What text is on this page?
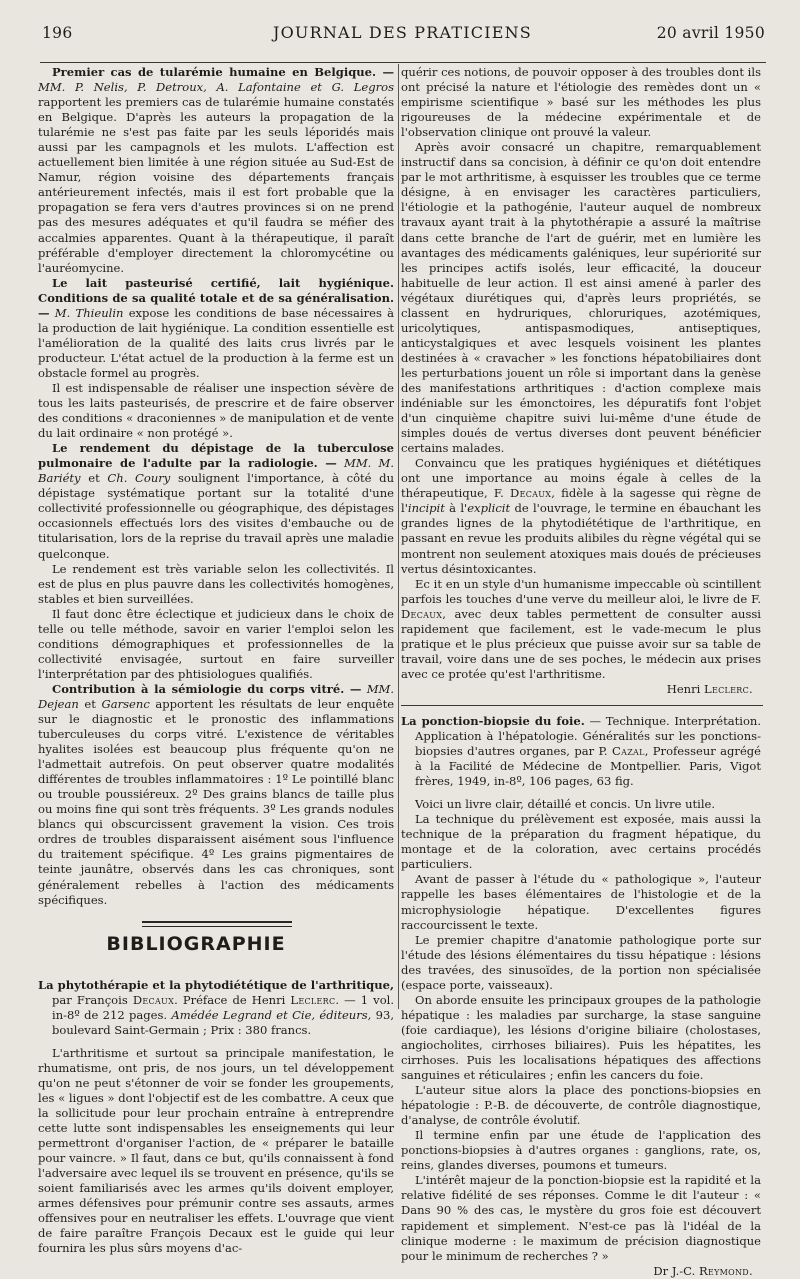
196	JOURNAL DES PRATICIENS	20 avril 1950

Premier cas de tularémie humaine en Belgique. — MM. P. Nelis, P. Detroux, A. Lafontaine et G. Legros rapportent les premiers cas de tularémie humaine constatés en Belgique. D'après les auteurs la propagation de la tularémie ne s'est pas faite par les seuls léporidés mais aussi par les campagnols et les mulots. L'affection est actuellement bien limitée à une région située au Sud-Est de Namur, région voisine des départements français antérieurement infectés, mais il est fort probable que la propagation se fera vers d'autres provinces si on ne prend pas des mesures adéquates et qu'il faudra se méfier des accalmies apparentes. Quant à la thérapeutique, il paraît préférable d'employer directement la chloromycétine ou l'auréomycine.

Le lait pasteurisé certifié, lait hygiénique. Conditions de sa qualité totale et de sa généralisation. — M. Thieulin expose les conditions de base nécessaires à la production de lait hygiénique. La condition essentielle est l'amélioration de la qualité des laits crus livrés par le producteur. L'état actuel de la production à la ferme est un obstacle formel au progrès.

Il est indispensable de réaliser une inspection sévère de tous les laits pasteurisés, de prescrire et de faire observer des conditions « draconiennes » de manipulation et de vente du lait ordinaire « non protégé ».

Le rendement du dépistage de la tuberculose pulmonaire de l'adulte par la radiologie. — MM. M. Bariéty et Ch. Coury soulignent l'importance, à côté du dépistage systématique portant sur la totalité d'une collectivité professionnelle ou géographique, des dépistages occasionnels effectués lors des visites d'embauche ou de titularisation, lors de la reprise du travail après une maladie quelconque.

Le rendement est très variable selon les collectivités. Il est de plus en plus pauvre dans les collectivités homogènes, stables et bien surveillées.

Il faut donc être éclectique et judicieux dans le choix de telle ou telle méthode, savoir en varier l'emploi selon les conditions démographiques et professionnelles de la collectivité envisagée, surtout en faire surveiller l'interprétation par des phtisiologues qualifiés.

Contribution à la sémiologie du corps vitré. — MM. Dejean et Garsenc apportent les résultats de leur enquête sur le diagnostic et le pronostic des inflammations tuberculeuses du corps vitré. L'existence de véritables hyalites isolées est beaucoup plus fréquente qu'on ne l'admettait autrefois. On peut observer quatre modalités différentes de troubles inflammatoires : 1º Le pointillé blanc ou trouble poussiéreux. 2º Des grains blancs de taille plus ou moins fine qui sont très fréquents. 3º Les grands nodules blancs qui obscurcissent gravement la vision. Ces trois ordres de troubles disparaissent aisément sous l'influence du traitement spécifique. 4º Les grains pigmentaires de teinte jaunâtre, observés dans les cas chroniques, sont généralement rebelles à l'action des médicaments spécifiques.

BIBLIOGRAPHIE

La phytothérapie et la phytodiététique de l'arthritique, par François Decaux. Préface de Henri Leclerc. — 1 vol. in-8º de 212 pages. Amédée Legrand et Cie, éditeurs, 93, boulevard Saint-Germain ; Prix : 380 francs.

L'arthritisme et surtout sa principale manifestation, le rhumatisme, ont pris, de nos jours, un tel développement qu'on ne peut s'étonner de voir se fonder les groupements, les « ligues » dont l'objectif est de les combattre. A ceux que la sollicitude pour leur prochain entraîne à entreprendre cette lutte sont indispensables les enseignements qui leur permettront d'organiser l'action, de « préparer le bataille pour vaincre. » Il faut, dans ce but, qu'ils connaissent à fond l'adversaire avec lequel ils se trouvent en présence, qu'ils se soient familiarisés avec les armes qu'ils doivent employer, armes défensives pour prémunir contre ses assauts, armes offensives pour en neutraliser les effets. L'ouvrage que vient de faire paraître François Decaux est le guide qui leur fournira les plus sûrs moyens d'ac-

quérir ces notions, de pouvoir opposer à des troubles dont ils ont précisé la nature et l'étiologie des remèdes dont un « empirisme scientifique » basé sur les méthodes les plus rigoureuses de la médecine expérimentale et de l'observation clinique ont prouvé la valeur.

Après avoir consacré un chapitre, remarquablement instructif dans sa concision, à définir ce qu'on doit entendre par le mot arthritisme, à esquisser les troubles que ce terme désigne, à en envisager les caractères particuliers, l'étiologie et la pathogénie, l'auteur auquel de nombreux travaux ayant trait à la phytothérapie a assuré la maîtrise dans cette branche de l'art de guérir, met en lumière les avantages des médicaments galéniques, leur supériorité sur les principes actifs isolés, leur efficacité, la douceur habituelle de leur action. Il est ainsi amené à parler des végétaux diurétiques qui, d'après leurs propriétés, se classent en hydruriques, chloruriques, azotémiques, uricolytiques, antispasmodiques, antiseptiques, anticystalgiques et avec lesquels voisinent les plantes destinées à « cravacher » les fonctions hépatobiliaires dont les perturbations jouent un rôle si important dans la genèse des manifestations arthritiques : d'action complexe mais indéniable sur les émonctoires, les dépuratifs font l'objet d'un cinquième chapitre suivi lui-même d'une étude de simples doués de vertus diverses dont peuvent bénéficier certains malades.

Convaincu que les pratiques hygiéniques et diététiques ont une importance au moins égale à celles de la thérapeutique, F. Decaux, fidèle à la sagesse qui règne de l'incipit à l'explicit de l'ouvrage, le termine en ébauchant les grandes lignes de la phytodiététique de l'arthritique, en passant en revue les produits alibiles du règne végétal qui se montrent non seulement atoxiques mais doués de précieuses vertus désintoxicantes.

Ec it en un style d'un humanisme impeccable où scintillent parfois les touches d'une verve du meilleur aloi, le livre de F. Decaux, avec deux tables permettent de consulter aussi rapidement que facilement, est le vade-mecum le plus pratique et le plus précieux que puisse avoir sur sa table de travail, voire dans une de ses poches, le médecin aux prises avec ce protée qu'est l'arthritisme.

Henri Leclerc.

La ponction-biopsie du foie. — Technique. Interprétation. Application à l'hépatologie. Généralités sur les ponctions-biopsies d'autres organes, par P. Cazal, Professeur agrégé à la Facilité de Médecine de Montpellier. Paris, Vigot frères, 1949, in-8º, 106 pages, 63 fig.

Voici un livre clair, détaillé et concis. Un livre utile.

La technique du prélèvement est exposée, mais aussi la technique de la préparation du fragment hépatique, du montage et de la coloration, avec certains procédés particuliers.

Avant de passer à l'étude du « pathologique », l'auteur rappelle les bases élémentaires de l'histologie et de la microphysiologie hépatique. D'excellentes figures raccourcissent le texte.

Le premier chapitre d'anatomie pathologique porte sur l'étude des lésions élémentaires du tissu hépatique : lésions des travées, des sinusoïdes, de la portion non spécialisée (espace porte, vaisseaux).

On aborde ensuite les principaux groupes de la pathologie hépatique : les maladies par surcharge, la stase sanguine (foie cardiaque), les lésions d'origine biliaire (cholostases, angiocholites, cirrhoses biliaires). Puis les hépatites, les cirrhoses. Puis les localisations hépatiques des affections sanguines et réticulaires ; enfin les cancers du foie.

L'auteur situe alors la place des ponctions-biopsies en hépatologie : P.-B. de découverte, de contrôle diagnostique, d'analyse, de contrôle évolutif.

Il termine enfin par une étude de l'application des ponctions-biopsies à d'autres organes : ganglions, rate, os, reins, glandes diverses, poumons et tumeurs.

L'intérêt majeur de la ponction-biopsie est la rapidité et la relative fidélité de ses réponses. Comme le dit l'auteur : « Dans 90 % des cas, le mystère du gros foie est découvert rapidement et simplement. N'est-ce pas là l'idéal de la clinique moderne : le maximum de précision diagnostique pour le minimum de recherches ? »

Dr J.-C. Reymond.
